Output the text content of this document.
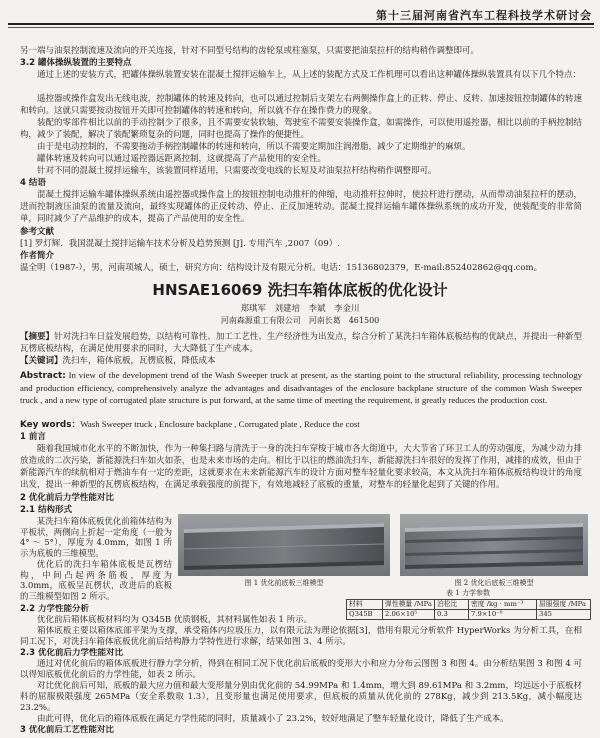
第十三届河南省汽车工程科技学术研讨会
另一端与油泵控制流速及流向的开关连接，针对不同型号结构的齿轮泵或柱塞泵，只需要把油泵拉杆的结构稍作调整即可。
3.2 罐体操纵装置的主要特点
通过上述的安装方式，把罐体操纵装置安装在混凝土搅拌运输车上，从上述的装配方式及工作机理可以看出这种罐体操纵装置具有以下几个特点：
遥控器或操作盒发出无线电波，控制罐体的转速及转向，也可以通过控制后支架左右两侧操作盒上的正转、停止、反转、加速按钮控制罐体的转速和转向。这就只需要按动按钮开关即可控制罐体的转速和转向，所以就不存在操作费力的现象。
装配的零部件相比以前的手动控制少了很多，且不需要安装软轴，驾驶室不需要安装操作盒，如需操作，可以使用遥控器，相比以前的手柄控制结构，减少了装配，解决了装配繁琐复杂的问题，同时也提高了操作的便捷性。
由于是电动控制的，不需要拖动手柄控制罐体的转速和转向，所以不需要定期加注润滑脂，减少了定期维护的麻烦。
罐体转速及转向可以通过遥控器远距离控制，这就提高了产品使用的安全性。
针对不同的混凝土搅拌运输车，该装置同样适用，只需要改变电线的长短及对油泵拉杆结构稍作调整即可。
4 结语
混凝土搅拌运输车罐体操纵系统由遥控器或操作盒上的按钮控制电动推杆的伸缩，电动推杆拉伸时，使拉杆进行摆动，从而带动油泵拉杆的摆动，进而控制液压油泵的流量及流向，最终实现罐体的正反转动、停止、正反加速转动。混凝土搅拌运输车罐体操纵系统的成功开发，使装配变的非常简单，同时减少了产品维护的成本，提高了产品使用的安全性。
参考文献
[1] 罗灯辉．我国混凝土搅拌运输车技术分析及趋势预测 [J]. 专用汽车 ,2007（09）.
作者简介
温全明（1987-），男，河南项城人，硕士，研究方向：结构设计及有限元分析。电话：15136802379，E-mail:852402862@qq.com。
HNSAE16069 洗扫车箱体底板的优化设计
郑琪军　刘建培　李斌　李金川
河南森源重工有限公司　河南长葛　461500
【摘要】针对洗扫车日益发展趋势，以结构可靠性、加工工艺性、生产经济性为出发点，综合分析了某洗扫车箱体底板结构的优缺点，并提出一种新型瓦楞底板结构，在满足使用要求的同时，大大降低了生产成本。
【关键词】洗扫车，箱体底板，瓦楞底板，降低成本
Abstract: In view of the development trend of the Wash Sweeper truck at present, as the starting point to the structural reliability, processing technology and production efficiency, comprehensively analyze the advantages and disadvantages of the enclosure backplane structure of the common Wash Sweeper truck , and a new type of corrugated plate structure is put forward, at the same time of meeting the requirement, it greatly reduces the production cost.
Key words：Wash Sweeper truck , Enclosure backplane , Corrugated plate , Reduce the cost
1 前言
随着我国城市化水平的不断加快，作为一种集扫路与清洗于一身的洗扫车穿梭于城市各大街道中，大大节省了环卫工人的劳动强度，为减少动力排放造成的二次污染，新能源洗扫车如火如荼，也是未来市场的走向。相比于以往的燃油洗扫车，新能源洗扫车很好的发挥了作用，减排的成效，但由于新能源汽车的续航相对于燃油车有一定的差距，这就要求在未来新能源汽车的设计方面对整车轻量化要求较高，本文从洗扫车箱体底板结构设计的角度出发，提出一种新型的瓦楞底板结构，在满足承载强度的前提下，有效地减轻了底板的重量，对整车的轻量化起到了关键的作用。
2 优化前后力学性能对比
2.1 结构形式

某洗扫车箱体底板优化前箱体结构为平板状，两侧向上折起一定角度（一般为 4° ～ 5°），厚度为 4.0mm，如图 1 所示为底板的三维模型。

优化后的洗扫车箱体底板是瓦楞结构，中间凸起两条筋板，厚度为 3.0mm，底板呈瓦楞状，改进后的底板的三维模型如图 2 所示。

图 1 优化前底板三维模型	图 2 优化后底板三维模型
表 1 力学参数
材料	弹性模量 /MPa	泊松比	密度 /kg · mm⁻³	屈服强度 /MPa
Q345B	2.06×10⁵	0.3	7.9×10⁻⁹	345
2.2 力学性能分析
优化前后箱体底板材料均为 Q345B 优质钢板，其材料属性如表 1 所示。
箱体底板主要以箱体底部平架为支撑，承受箱体内垃圾压力，以有限元法为理论依据[3]，借用有限元分析软件 HyperWorks 为分析工具，在相同工况下，对洗扫车箱体底板优化前后结构静力学特性进行求解，结果如图 3、4 所示。
2.3 优化前后力学性能对比
通过对优化前后的箱体底板进行静力学分析，得到在相同工况下优化前后底板的变形大小和应力分布云图图 3 和图 4。由分析结果图 3 和图 4 可以得知底板优化前后的力学性能，如表 2 所示。
对比优化前后可知，底板的最大应力值和最大变形量分别由优化前的 54.99MPa 和 1.4mm，增大到 89.61MPa 和 3.2mm，均远远小于底板材料的屈服极限强度 265MPa（安全系数取 1.3），且变形量也满足使用要求，但底板的质量从优化前的 278Kg，减少到 213.5Kg，减小幅度达 23.2%。
由此可得，优化后的箱体底板在满足力学性能的同时，质量减小了 23.2%，较好地满足了整车轻量化设计，降低了生产成本。
3 优化前后工艺性能对比
